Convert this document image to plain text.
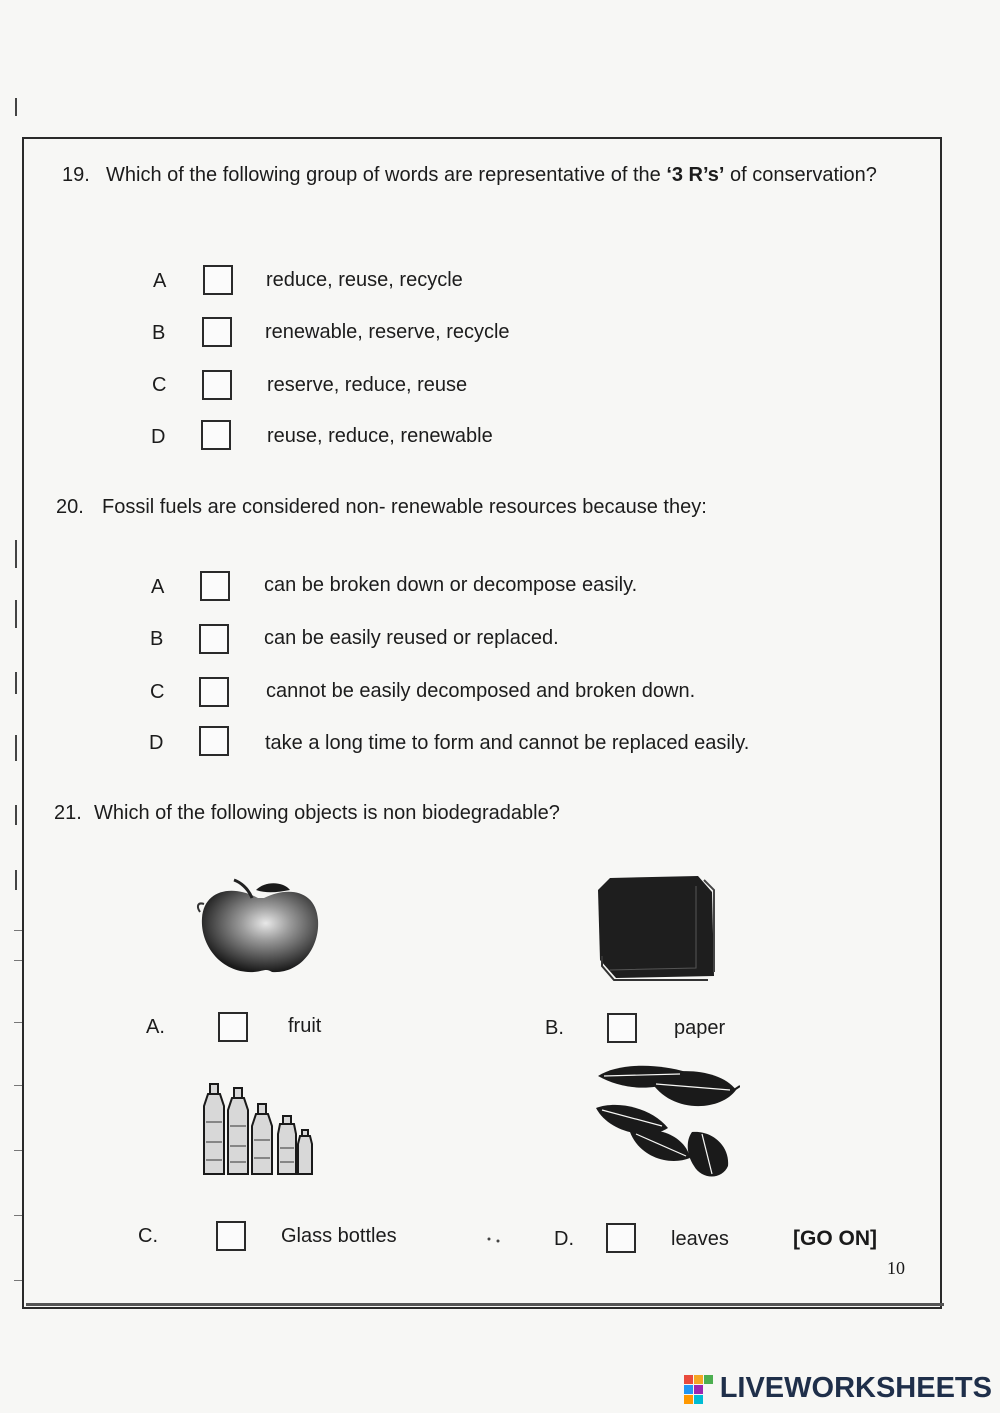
19. Which of the following group of words are representative of the ‘3 R’s’ of conservation?
A	reduce, reuse, recycle
B	renewable, reserve, recycle
C	reserve, reduce, reuse
D	reuse, reduce, renewable
20. Fossil fuels are considered non- renewable resources because they:
A	can be broken down or decompose easily.
B	can be easily reused or replaced.
C	cannot be easily decomposed and broken down.
D	take a long time to form and cannot be replaced easily.
21. Which of the following objects is non biodegradable?
A.	fruit	B.	paper
C.	Glass bottles	D.	leaves	[GO ON]
10
LIVEWORKSHEETS
